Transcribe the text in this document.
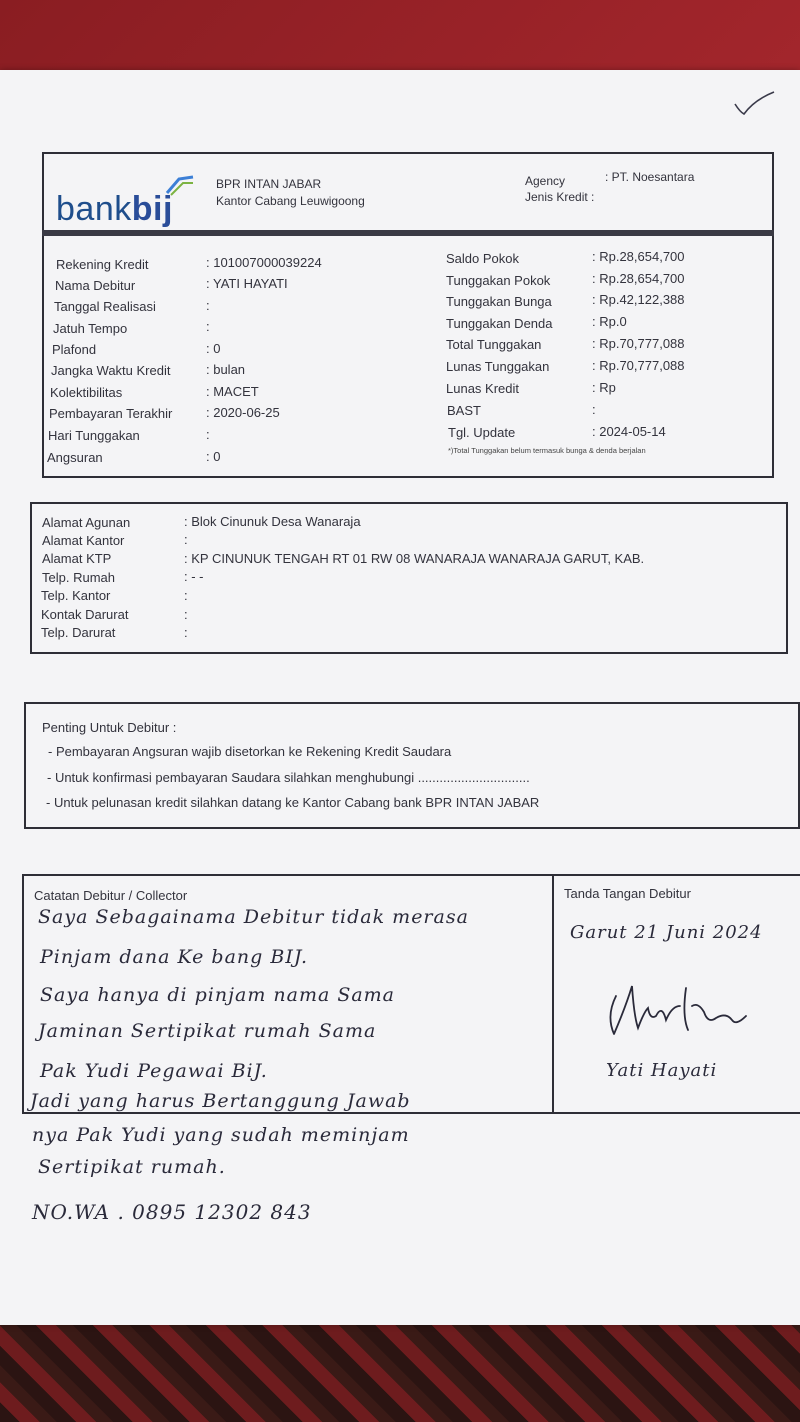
bankbij
BPR INTAN JABAR
Kantor Cabang Leuwigoong
Agency	: PT. Noesantara
Jenis Kredit :
Rekening Kredit	: 101007000039224
Nama Debitur	: YATI HAYATI
Tanggal Realisasi	:
Jatuh Tempo	:
Plafond	: 0
Jangka Waktu Kredit	: bulan
Kolektibilitas	: MACET
Pembayaran Terakhir	: 2020-06-25
Hari Tunggakan	:
Angsuran	: 0
Saldo Pokok	: Rp.28,654,700
Tunggakan Pokok	: Rp.28,654,700
Tunggakan Bunga	: Rp.42,122,388
Tunggakan Denda	: Rp.0
Total Tunggakan	: Rp.70,777,088
Lunas Tunggakan	: Rp.70,777,088
Lunas Kredit	: Rp
BAST	:
Tgl. Update	: 2024-05-14
*)Total Tunggakan belum termasuk bunga & denda berjalan
Alamat Agunan	: Blok Cinunuk Desa Wanaraja
Alamat Kantor	:
Alamat KTP	: KP CINUNUK TENGAH RT 01 RW 08 WANARAJA WANARAJA GARUT, KAB.
Telp. Rumah	: - -
Telp. Kantor	:
Kontak Darurat	:
Telp. Darurat	:
Penting Untuk Debitur :
- Pembayaran Angsuran wajib disetorkan ke Rekening Kredit Saudara
- Untuk konfirmasi pembayaran Saudara silahkan menghubungi ...............................
- Untuk pelunasan kredit silahkan datang ke Kantor Cabang bank BPR INTAN JABAR
Catatan Debitur / Collector	Tanda Tangan Debitur
Saya Sebagainama Debitur tidak merasa
Pinjam dana Ke bang BIJ.
Saya hanya di pinjam nama Sama
Jaminan Sertipikat rumah Sama
Pak Yudi Pegawai BiJ.
Jadi yang harus Bertanggung Jawab
nya Pak Yudi yang sudah meminjam
Sertipikat rumah.
NO.WA . 0895 12302 843
Garut 21 Juni 2024
Yati Hayati
